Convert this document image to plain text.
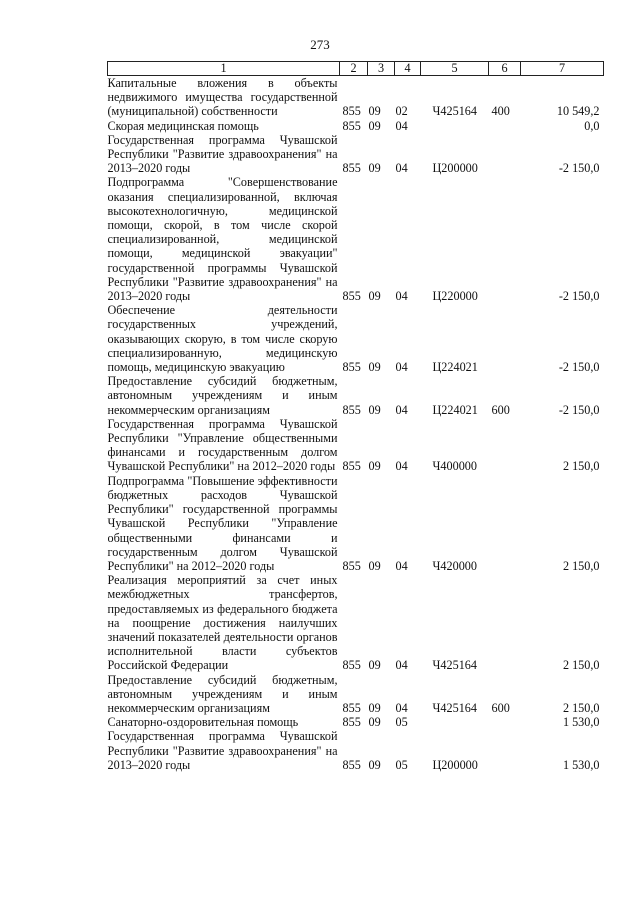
273
1	2	3	4	5	6	7
Капитальные вложения в объекты недвижимого имущества государственной (муниципальной) собственности	855	09	02	Ч425164	400	10 549,2
Скорая медицинская помощь	855	09	04			0,0
Государственная программа Чувашской Республики "Развитие здравоохранения" на 2013–2020 годы	855	09	04	Ц200000		-2 150,0
Подпрограмма "Совершенствование оказания специализированной, включая высокотехнологичную, медицинской помощи, скорой, в том числе скорой специализированной, медицинской помощи, медицинской эвакуации" государственной программы Чувашской Республики "Развитие здравоохранения" на 2013–2020 годы	855	09	04	Ц220000		-2 150,0
Обеспечение деятельности государственных учреждений, оказывающих скорую, в том числе скорую специализированную, медицинскую помощь, медицинскую эвакуацию	855	09	04	Ц224021		-2 150,0
Предоставление субсидий бюджетным, автономным учреждениям и иным некоммерческим организациям	855	09	04	Ц224021	600	-2 150,0
Государственная программа Чувашской Республики "Управление общественными финансами и государственным долгом Чувашской Республики" на 2012–2020 годы	855	09	04	Ч400000		2 150,0
Подпрограмма "Повышение эффективности бюджетных расходов Чувашской Республики" государственной программы Чувашской Республики "Управление общественными финансами и государственным долгом Чувашской Республики" на 2012–2020 годы	855	09	04	Ч420000		2 150,0
Реализация мероприятий за счет иных межбюджетных трансфертов, предоставляемых из федерального бюджета на поощрение достижения наилучших значений показателей деятельности органов исполнительной власти субъектов Российской Федерации	855	09	04	Ч425164		2 150,0
Предоставление субсидий бюджетным, автономным учреждениям и иным некоммерческим организациям	855	09	04	Ч425164	600	2 150,0
Санаторно-оздоровительная помощь	855	09	05			1 530,0
Государственная программа Чувашской Республики "Развитие здравоохранения" на 2013–2020 годы	855	09	05	Ц200000		1 530,0
